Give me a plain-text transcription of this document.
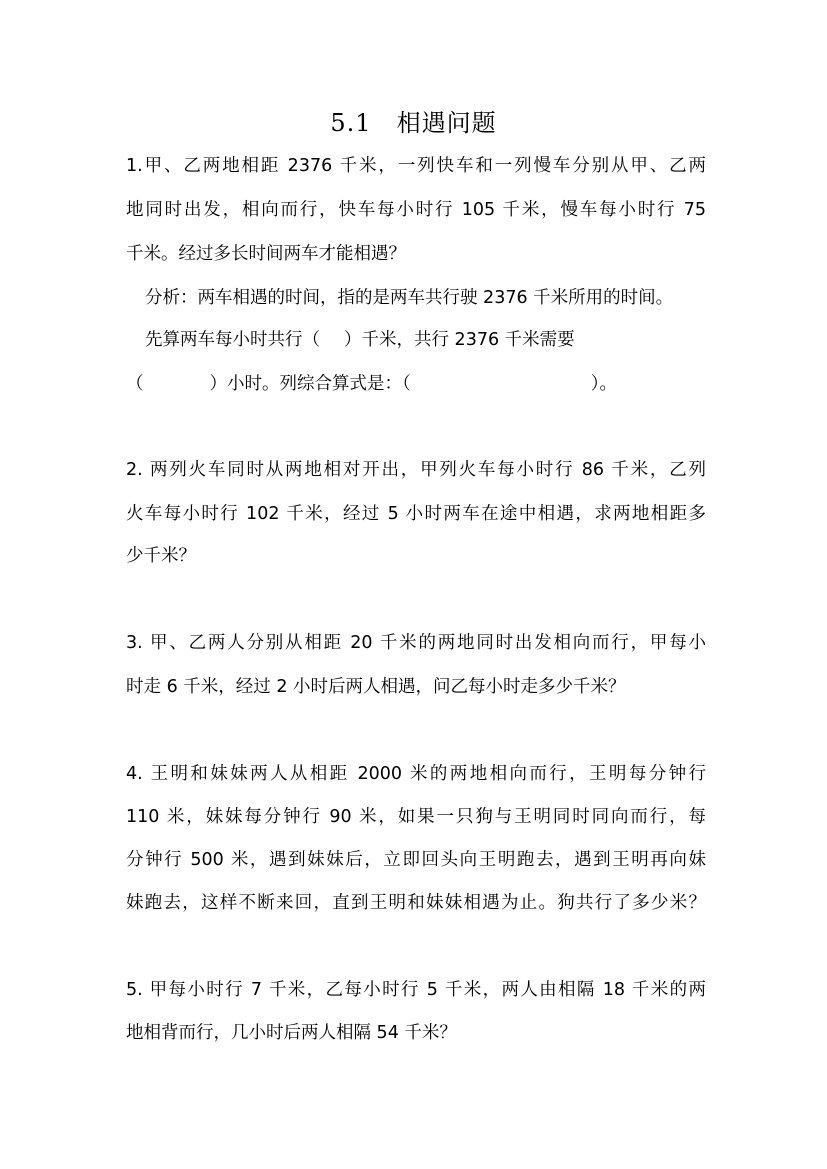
5.1　相遇问题
1.甲、乙两地相距 2376 千米，一列快车和一列慢车分别从甲、乙两
地同时出发，相向而行，快车每小时行 105 千米，慢车每小时行 75
千米。经过多长时间两车才能相遇？
分析：两车相遇的时间，指的是两车共行驶 2376 千米所用的时间。
先算两车每小时共行（ ）千米，共行 2376 千米需要
（	）小时。列综合算式是：（	）。
2. 两列火车同时从两地相对开出，甲列火车每小时行 86 千米，乙列
火车每小时行 102 千米，经过 5 小时两车在途中相遇，求两地相距多
少千米？
3. 甲、乙两人分别从相距 20 千米的两地同时出发相向而行，甲每小
时走 6 千米，经过 2 小时后两人相遇，问乙每小时走多少千米？
4. 王明和妹妹两人从相距 2000 米的两地相向而行，王明每分钟行
110 米，妹妹每分钟行 90 米，如果一只狗与王明同时同向而行，每
分钟行 500 米，遇到妹妹后，立即回头向王明跑去，遇到王明再向妹
妹跑去，这样不断来回，直到王明和妹妹相遇为止。狗共行了多少米？
5. 甲每小时行 7 千米，乙每小时行 5 千米，两人由相隔 18 千米的两
地相背而行，几小时后两人相隔 54 千米？
